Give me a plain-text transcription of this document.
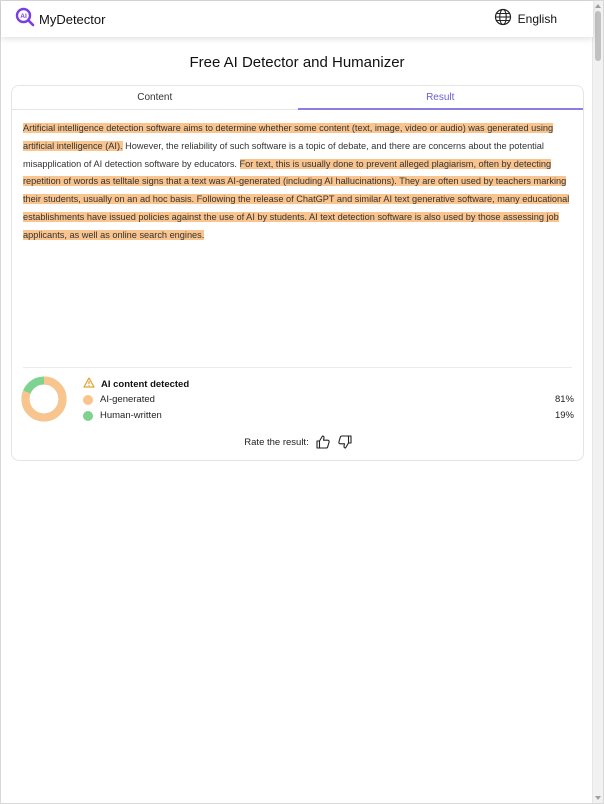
AI MyDetector	English
Free AI Detector and Humanizer
Content	Result
Artificial intelligence detection software aims to determine whether some content (text, image, video or audio) was generated using artificial intelligence (AI). However, the reliability of such software is a topic of debate, and there are concerns about the potential misapplication of AI detection software by educators. For text, this is usually done to prevent alleged plagiarism, often by detecting repetition of words as telltale signs that a text was AI-generated (including AI hallucinations). They are often used by teachers marking their students, usually on an ad hoc basis. Following the release of ChatGPT and similar AI text generative software, many educational establishments have issued policies against the use of AI by students. AI text detection software is also used by those assessing job applicants, as well as online search engines.
AI content detected
AI-generated	81%
Human-written	19%
Rate the result:
